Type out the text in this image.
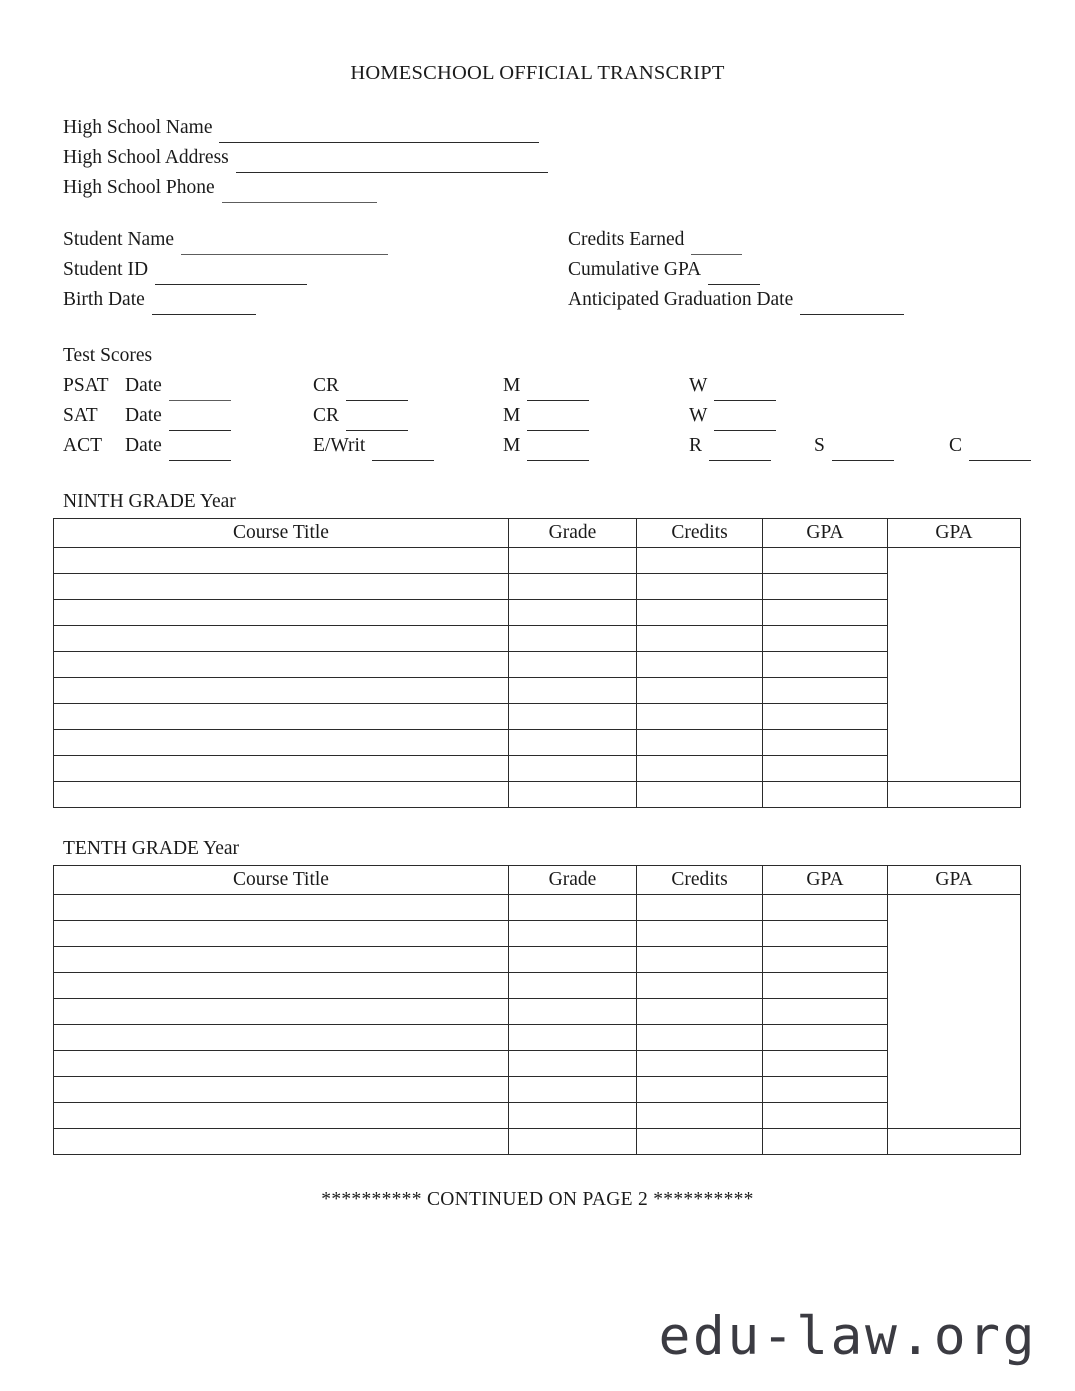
HOMESCHOOL OFFICIAL TRANSCRIPT
High School Name
High School Address
High School Phone
Student Name
Student ID
Birth Date
Credits Earned
Cumulative GPA
Anticipated Graduation Date
Test Scores
PSAT Date	CR	M	W
SAT	Date	CR	M	W
ACT	Date	E/Writ	M	R	S	C
NINTH GRADE Year
Course Title	Grade	Credits	GPA	GPA

TENTH GRADE Year
Course Title	Grade	Credits	GPA	GPA

********** CONTINUED ON PAGE 2 **********
edu-law.org
